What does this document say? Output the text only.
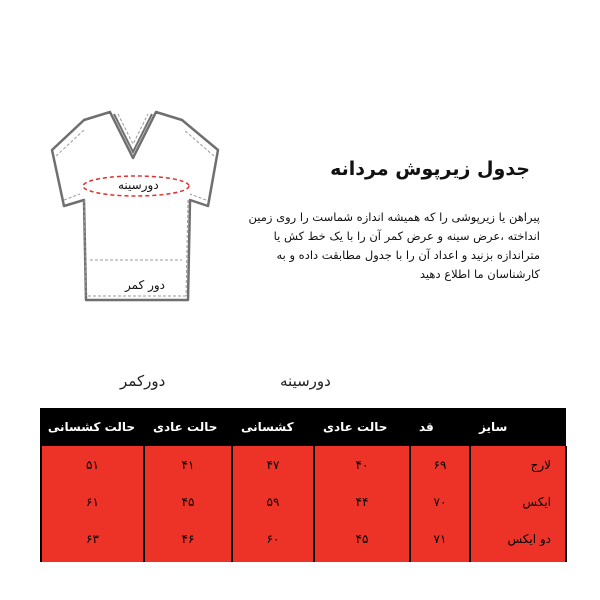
دورسینه
دور کمر
جدول زیرپوش مردانه

پیراهن یا زیرپوشی را که همیشه اندازه شماست را روی زمین انداخته ،عرض سینه و عرض کمر آن را با یک خط کش یا متراندازه بزنید و اعداد آن را با جدول مطابقت داده و به کارشناسان ما اطلاع دهید

دورسینه
دورکمر
سایز	قد	حالت عادی	کشسانی	حالت عادی	حالت کشسانی
لارج	۶۹	۴۰	۴۷	۴۱	۵۱
ایکس	۷۰	۴۴	۵۹	۴۵	۶۱
دو ایکس	۷۱	۴۵	۶۰	۴۶	۶۳
